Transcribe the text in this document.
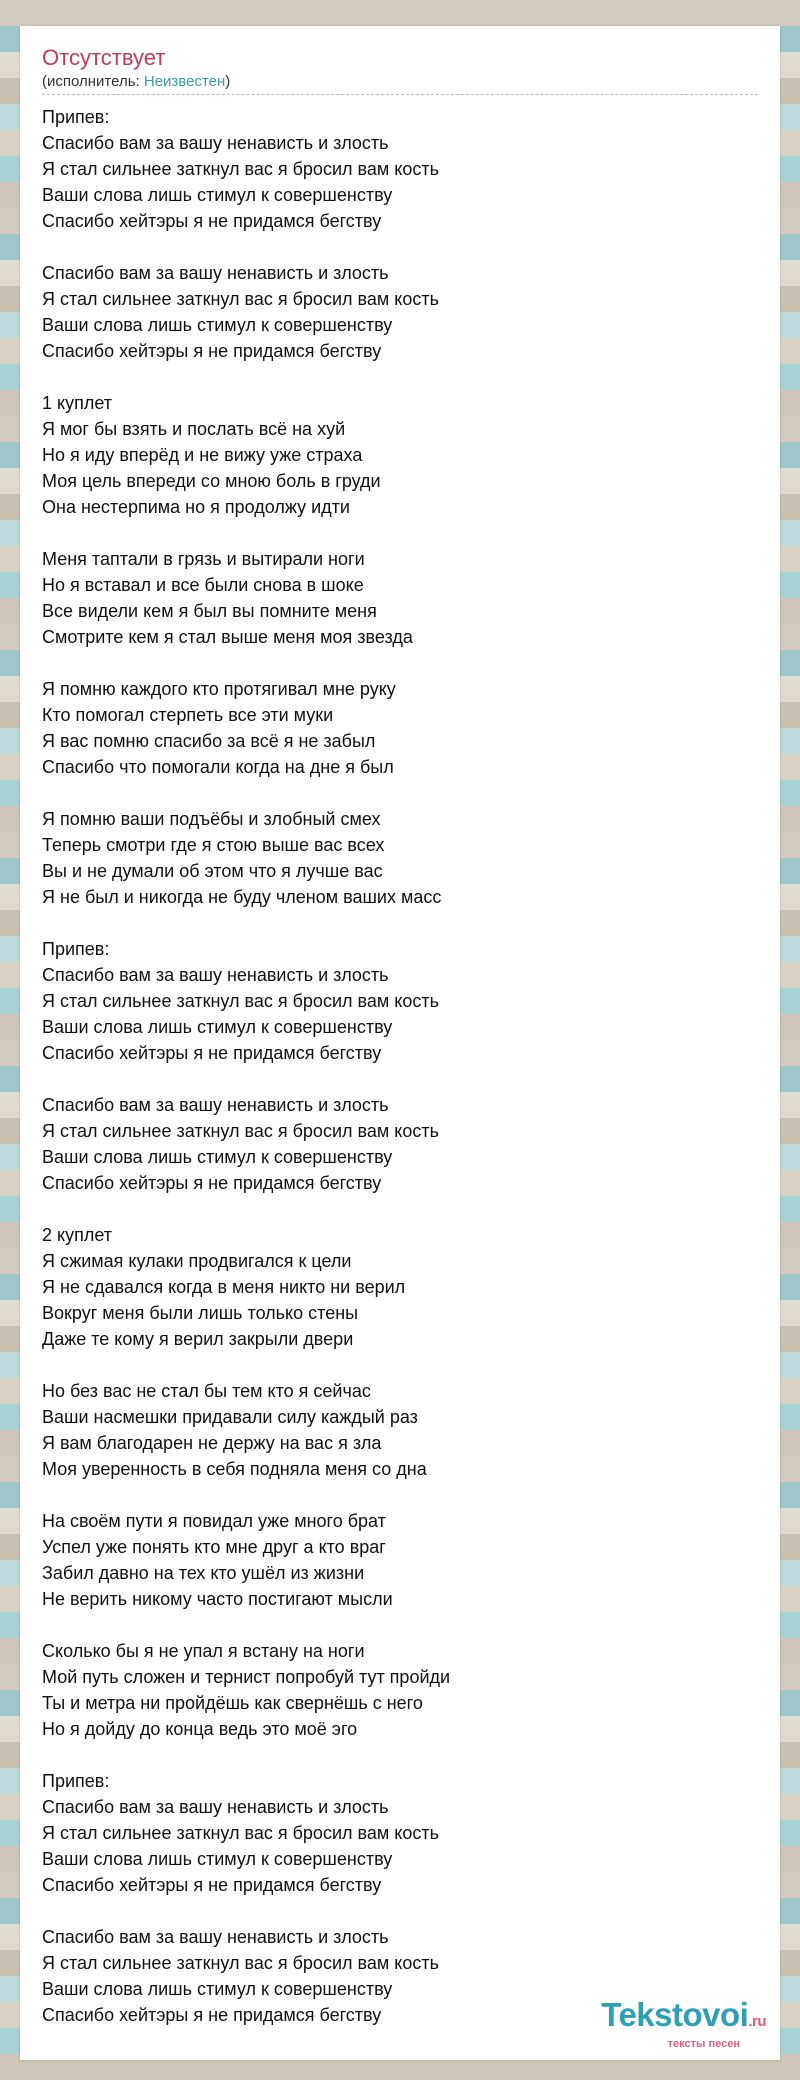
Отсутствует
(исполнитель: Неизвестен)
Припев:
Спасибо вам за вашу ненависть и злость
Я стал сильнее заткнул вас я бросил вам кость
Ваши слова лишь стимул к совершенству
Спасибо хейтэры я не придамся бегству
Спасибо вам за вашу ненависть и злость
Я стал сильнее заткнул вас я бросил вам кость
Ваши слова лишь стимул к совершенству
Спасибо хейтэры я не придамся бегству
1 куплет
Я мог бы взять и послать всё на хуй
Но я иду вперёд и не вижу уже страха
Моя цель впереди со мною боль в груди
Она нестерпима но я продолжу идти
Меня таптали в грязь и вытирали ноги
Но я вставал и все были снова в шоке
Все видели кем я был вы помните меня
Смотрите кем я стал выше меня моя звезда
Я помню каждого кто протягивал мне руку
Кто помогал стерпеть все эти муки
Я вас помню спасибо за всё я не забыл
Спасибо что помогали когда на дне я был
Я помню ваши подъёбы и злобный смех
Теперь смотри где я стою выше вас всех
Вы и не думали об этом что я лучше вас
Я не был и никогда не буду членом ваших масс
Припев:
Спасибо вам за вашу ненависть и злость
Я стал сильнее заткнул вас я бросил вам кость
Ваши слова лишь стимул к совершенству
Спасибо хейтэры я не придамся бегству
Спасибо вам за вашу ненависть и злость
Я стал сильнее заткнул вас я бросил вам кость
Ваши слова лишь стимул к совершенству
Спасибо хейтэры я не придамся бегству
2 куплет
Я сжимая кулаки продвигался к цели
Я не сдавался когда в меня никто ни верил
Вокруг меня были лишь только стены
Даже те кому я верил закрыли двери
Но без вас не стал бы тем кто я сейчас
Ваши насмешки придавали силу каждый раз
Я вам благодарен не держу на вас я зла
Моя уверенность в себя подняла меня со дна
На своём пути я повидал уже много брат
Успел уже понять кто мне друг а кто враг
Забил давно на тех кто ушёл из жизни
Не верить никому часто постигают мысли
Сколько бы я не упал я встану на ноги
Мой путь сложен и тернист попробуй тут пройди
Ты и метра ни пройдёшь как свернёшь с него
Но я дойду до конца ведь это моё эго
Припев:
Спасибо вам за вашу ненависть и злость
Я стал сильнее заткнул вас я бросил вам кость
Ваши слова лишь стимул к совершенству
Спасибо хейтэры я не придамся бегству
Спасибо вам за вашу ненависть и злость
Я стал сильнее заткнул вас я бросил вам кость
Ваши слова лишь стимул к совершенству
Спасибо хейтэры я не придамся бегству	Tekstovoi.ru
тексты песен
